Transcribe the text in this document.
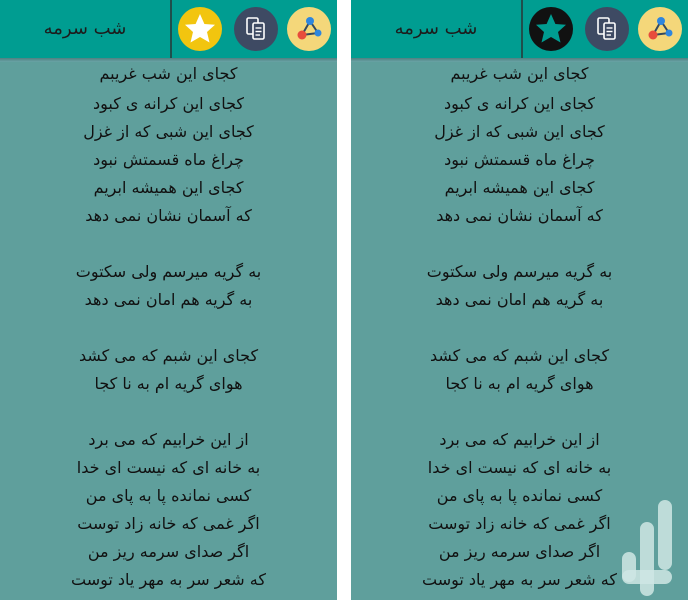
شب سرمه
کجای این شب غریبم
کجای این کرانه ی کبود
کجای این شبی که از غزل
چراغ ماه قسمتش نبود
کجای این همیشه ابریم
که آسمان نشان نمی دهد
به گریه میرسم ولی سکتوت
به گریه هم امان نمی دهد
کجای این شبم که می کشد
هوای گریه ام به نا کجا
از این خرابیم که می برد
به خانه ای که نیست ای خدا
کسی نمانده پا به پای من
اگر غمی که خانه زاد توست
اگر صدای سرمه ریز من
که شعر سر به مهر یاد توست
شب سرمه
کجای این شب غریبم
کجای این کرانه ی کبود
کجای این شبی که از غزل
چراغ ماه قسمتش نبود
کجای این همیشه ابریم
که آسمان نشان نمی دهد
به گریه میرسم ولی سکتوت
به گریه هم امان نمی دهد
کجای این شبم که می کشد
هوای گریه ام به نا کجا
از این خرابیم که می برد
به خانه ای که نیست ای خدا
کسی نمانده پا به پای من
اگر غمی که خانه زاد توست
اگر صدای سرمه ریز من
که شعر سر به مهر یاد توست
